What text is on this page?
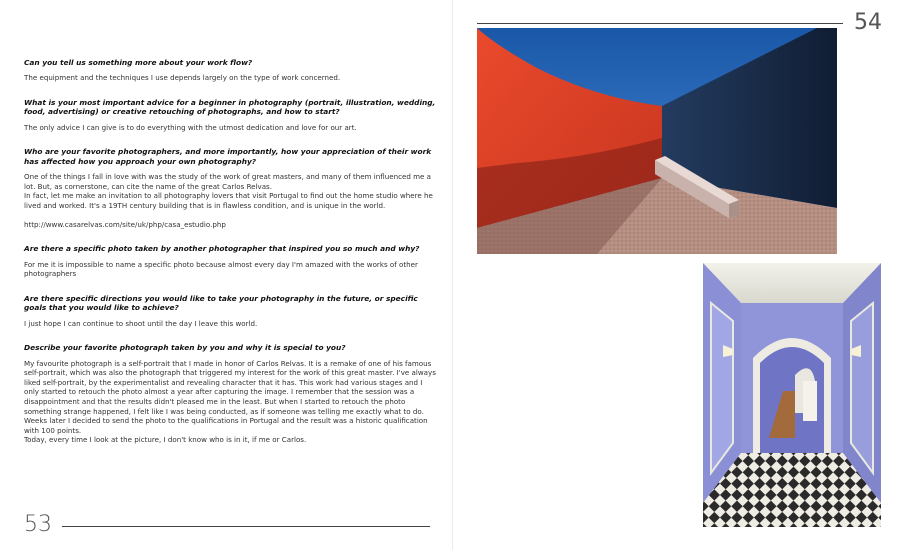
Can you tell us something more about your work flow?

The equipment and the techniques I use depends largely on the type of work concerned.

What is your most important advice for a beginner in photography (portrait, illustration, wedding, food, advertising) or creative retouching of photographs, and how to start?

The only advice I can give is to do everything with the utmost dedication and love for our art.

Who are your favorite photographers, and more importantly, how your appreciation of their work has affected how you approach your own photography?

One of the things I fall in love with was the study of the work of great masters, and many of them influenced me a lot. But, as cornerstone, can cite the name of the great Carlos Relvas.

In fact, let me make an invitation to all photography lovers that visit Portugal to find out the home studio where he lived and worked. It's a 19TH century building that is in flawless condition, and is unique in the world.

http://www.casarelvas.com/site/uk/php/casa_estudio.php

Are there a specific photo taken by another photographer that inspired you so much and why?

For me it is impossible to name a specific photo because almost every day I'm amazed with the works of other photographers

Are there specific directions you would like to take your photography in the future, or specific goals that you would like to achieve?

I just hope I can continue to shoot until the day I leave this world.

Describe your favorite photograph taken by you and why it is special to you?

My favourite photograph is a self-portrait that I made in honor of Carlos Relvas. It is a remake of one of his famous self-portrait, which was also the photograph that triggered my interest for the work of this great master. I've always liked self-portrait, by the experimentalist and revealing character that it has. This work had various stages and I only started to retouch the photo almost a year after capturing the image. I remember that the session was a disappointment and that the results didn't pleased me in the least. But when I started to retouch the photo something strange happened, I felt like I was being conducted, as if someone was telling me exactly what to do. Weeks later I decided to send the photo to the qualifications in Portugal and the result was a historic qualification with 100 points.

Today, every time I look at the picture, I don't know who is in it, if me or Carlos.

53
54
